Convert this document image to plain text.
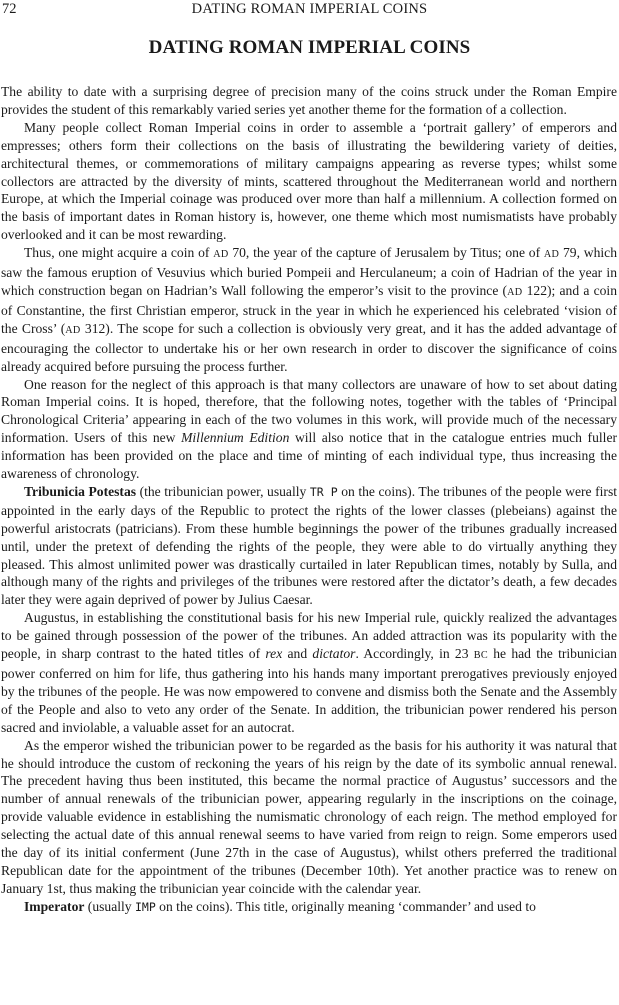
72	DATING ROMAN IMPERIAL COINS
DATING ROMAN IMPERIAL COINS

The ability to date with a surprising degree of precision many of the coins struck under the Roman Empire provides the student of this remarkably varied series yet another theme for the formation of a collection.

Many people collect Roman Imperial coins in order to assemble a ‘portrait gallery’ of emperors and empresses; others form their collections on the basis of illustrating the bewildering variety of deities, architectural themes, or commemorations of military campaigns appearing as reverse types; whilst some collectors are attracted by the diversity of mints, scattered throughout the Mediterranean world and northern Europe, at which the Imperial coinage was produced over more than half a millennium. A collection formed on the basis of important dates in Roman history is, however, one theme which most numismatists have probably overlooked and it can be most rewarding.

Thus, one might acquire a coin of AD 70, the year of the capture of Jerusalem by Titus; one of AD 79, which saw the famous eruption of Vesuvius which buried Pompeii and Herculaneum; a coin of Hadrian of the year in which construction began on Hadrian’s Wall following the emperor’s visit to the province (AD 122); and a coin of Constantine, the first Christian emperor, struck in the year in which he experienced his celebrated ‘vision of the Cross’ (AD 312). The scope for such a collection is obviously very great, and it has the added advantage of encouraging the collector to undertake his or her own research in order to discover the significance of coins already acquired before pursuing the process further.

One reason for the neglect of this approach is that many collectors are unaware of how to set about dating Roman Imperial coins. It is hoped, therefore, that the following notes, together with the tables of ‘Principal Chronological Criteria’ appearing in each of the two volumes in this work, will provide much of the necessary information. Users of this new Millennium Edition will also notice that in the catalogue entries much fuller information has been provided on the place and time of minting of each individual type, thus increasing the awareness of chronology.

Tribunicia Potestas (the tribunician power, usually TR P on the coins). The tribunes of the people were first appointed in the early days of the Republic to protect the rights of the lower classes (plebeians) against the powerful aristocrats (patricians). From these humble beginnings the power of the tribunes gradually increased until, under the pretext of defending the rights of the people, they were able to do virtually anything they pleased. This almost unlimited power was drastically curtailed in later Republican times, notably by Sulla, and although many of the rights and privileges of the tribunes were restored after the dictator’s death, a few decades later they were again deprived of power by Julius Caesar.

Augustus, in establishing the constitutional basis for his new Imperial rule, quickly realized the advantages to be gained through possession of the power of the tribunes. An added attraction was its popularity with the people, in sharp contrast to the hated titles of rex and dictator. Accordingly, in 23 BC he had the tribunician power conferred on him for life, thus gathering into his hands many important prerogatives previously enjoyed by the tribunes of the people. He was now empowered to convene and dismiss both the Senate and the Assembly of the People and also to veto any order of the Senate. In addition, the tribunician power rendered his person sacred and inviolable, a valuable asset for an autocrat.

As the emperor wished the tribunician power to be regarded as the basis for his authority it was natural that he should introduce the custom of reckoning the years of his reign by the date of its symbolic annual renewal. The precedent having thus been instituted, this became the normal practice of Augustus’ successors and the number of annual renewals of the tribunician power, appearing regularly in the inscriptions on the coinage, provide valuable evidence in establishing the numismatic chronology of each reign. The method employed for selecting the actual date of this annual renewal seems to have varied from reign to reign. Some emperors used the day of its initial conferment (June 27th in the case of Augustus), whilst others preferred the traditional Republican date for the appointment of the tribunes (December 10th). Yet another practice was to renew on January 1st, thus making the tribunician year coincide with the calendar year.

Imperator (usually IMP on the coins). This title, originally meaning ‘commander’ and used to
